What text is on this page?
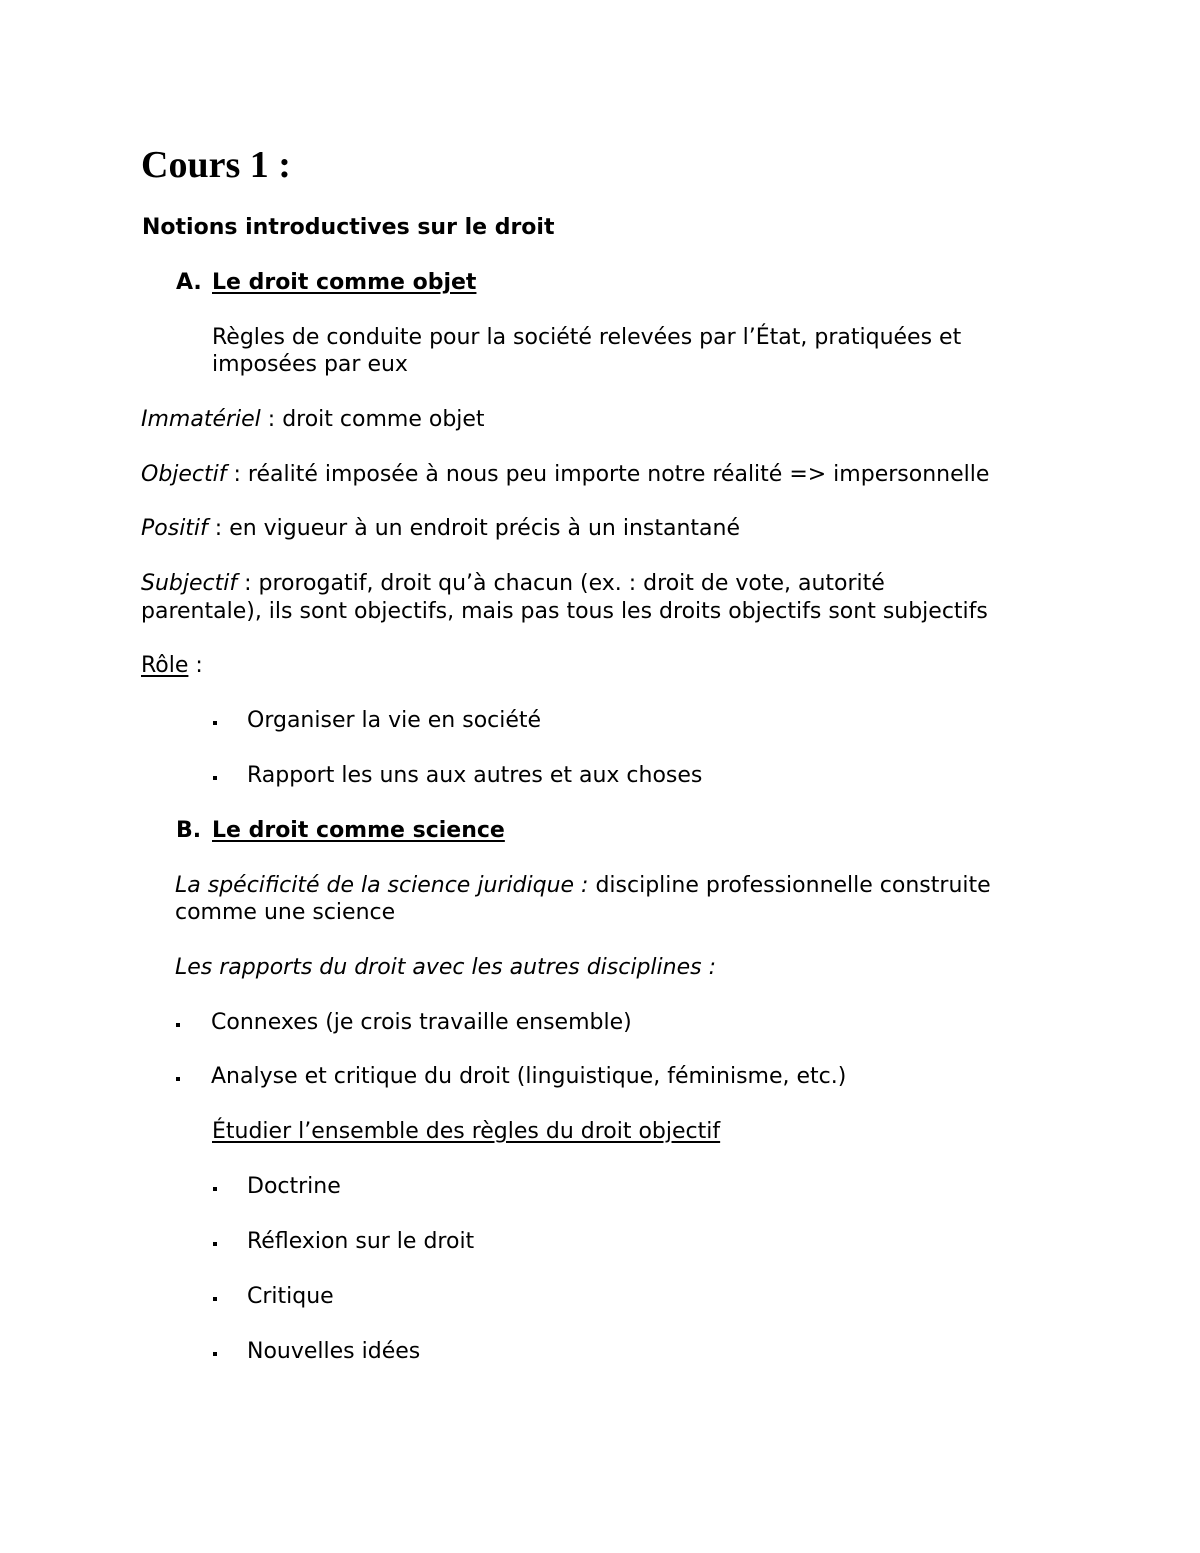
Cours 1 :
Notions introductives sur le droit
A. Le droit comme objet
Règles de conduite pour la société relevées par l’État, pratiquées et
imposées par eux
Immatériel : droit comme objet
Objectif : réalité imposée à nous peu importe notre réalité => impersonnelle
Positif : en vigueur à un endroit précis à un instantané
Subjectif : prorogatif, droit qu’à chacun (ex. : droit de vote, autorité
parentale), ils sont objectifs, mais pas tous les droits objectifs sont subjectifs
Rôle :
Organiser la vie en société
Rapport les uns aux autres et aux choses
B. Le droit comme science
La spécificité de la science juridique : discipline professionnelle construite
comme une science
Les rapports du droit avec les autres disciplines :
Connexes (je crois travaille ensemble)
Analyse et critique du droit (linguistique, féminisme, etc.)
Étudier l’ensemble des règles du droit objectif
Doctrine
Réflexion sur le droit
Critique
Nouvelles idées
